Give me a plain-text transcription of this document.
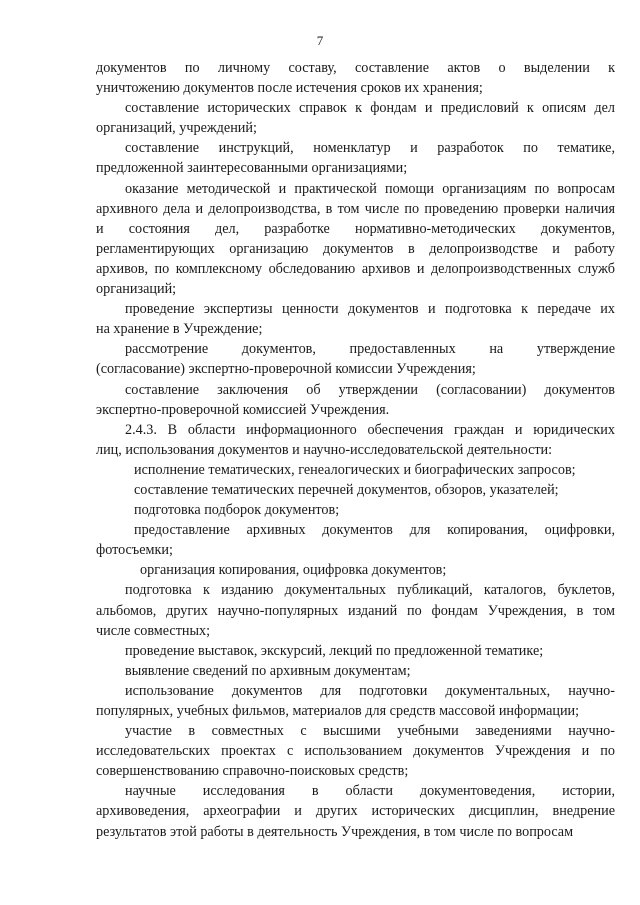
7
документов по личному составу, составление актов о выделении к
уничтожению документов после истечения сроков их хранения;
составление исторических справок к фондам и предисловий к описям дел
организаций, учреждений;
составление инструкций, номенклатур и разработок по тематике,
предложенной заинтересованными организациями;
оказание методической и практической помощи организациям по вопросам
архивного дела и делопроизводства, в том числе по проведению проверки наличия
и состояния дел, разработке нормативно-методических документов,
регламентирующих организацию документов в делопроизводстве и работу
архивов, по комплексному обследованию архивов и делопроизводственных служб
организаций;
проведение экспертизы ценности документов и подготовка к передаче их
на хранение в Учреждение;
рассмотрение документов, предоставленных на утверждение
(согласование) экспертно-проверочной комиссии Учреждения;
составление заключения об утверждении (согласовании) документов
экспертно-проверочной комиссией Учреждения.
2.4.3. В области информационного обеспечения граждан и юридических
лиц, использования документов и научно-исследовательской деятельности:
исполнение тематических, генеалогических и биографических запросов;
составление тематических перечней документов, обзоров, указателей;
подготовка подборок документов;
предоставление архивных документов для копирования, оцифровки,
фотосъемки;
организация копирования, оцифровка документов;
подготовка к изданию документальных публикаций, каталогов, буклетов,
альбомов, других научно-популярных изданий по фондам Учреждения, в том
числе совместных;
проведение выставок, экскурсий, лекций по предложенной тематике;
выявление сведений по архивным документам;
использование документов для подготовки документальных, научно-
популярных, учебных фильмов, материалов для средств массовой информации;
участие в совместных с высшими учебными заведениями научно-
исследовательских проектах с использованием документов Учреждения и по
совершенствованию справочно-поисковых средств;
научные исследования в области документоведения, истории,
архивоведения, археографии и других исторических дисциплин, внедрение
результатов этой работы в деятельность Учреждения, в том числе по вопросам
